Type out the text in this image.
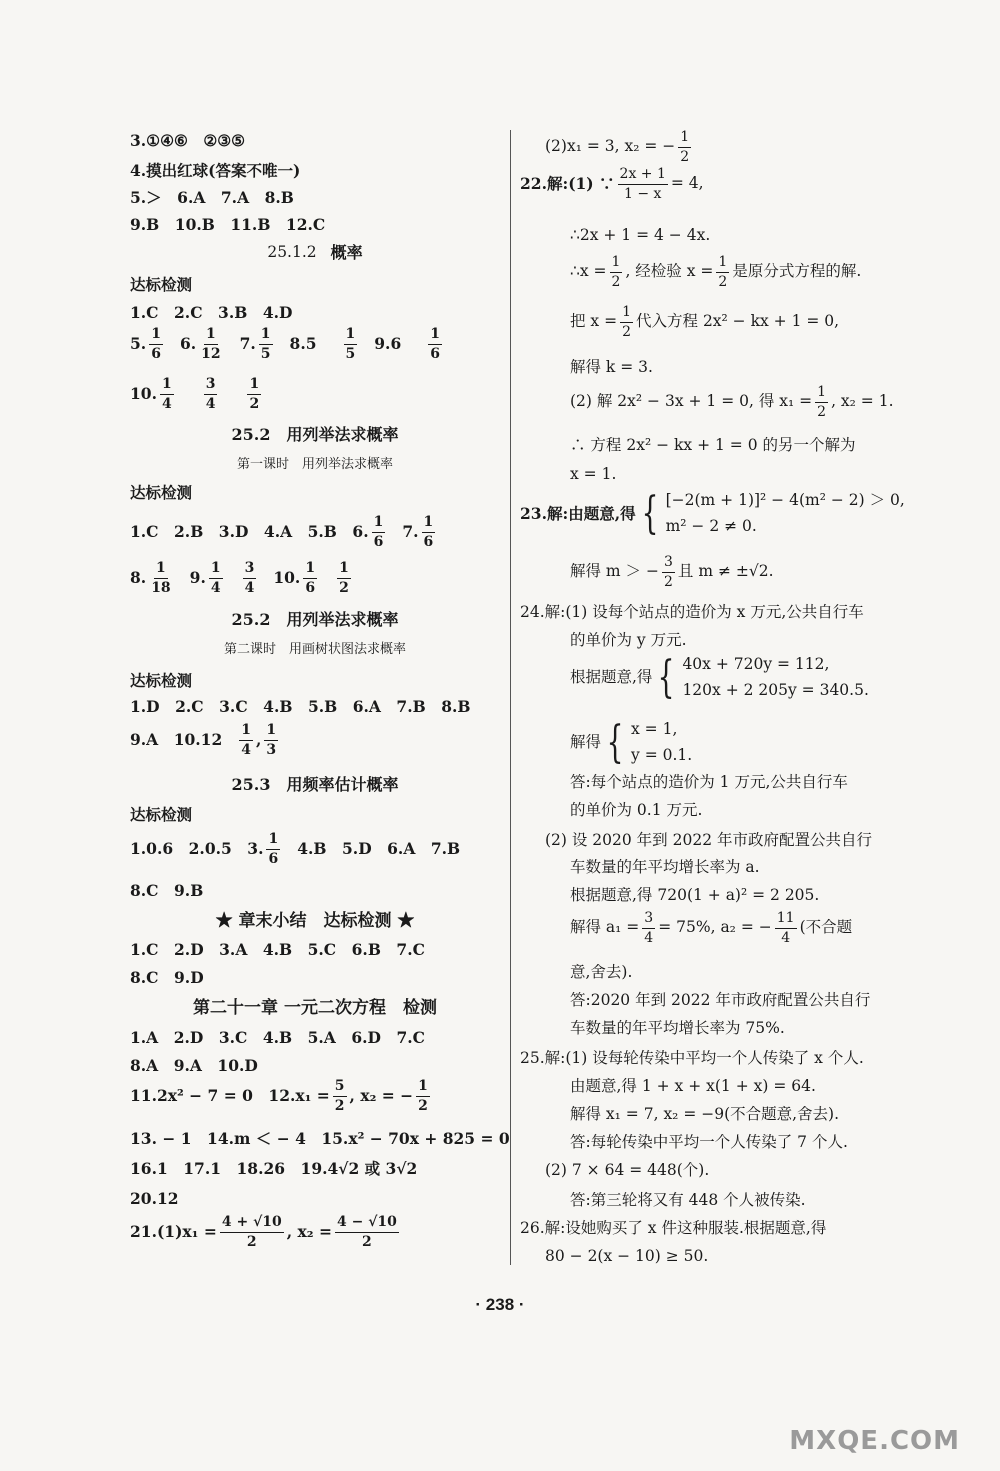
3.①④⑥　②③⑤
4.摸出红球(答案不唯一)
5.＞　6.A　7.A　8.B
9.B　10.B　11.B　12.C
25.1.2 概率
达标检测
1.C　2.C　3.B　4.D
5. $\frac{1}{6} 6$. $\frac{1}{12} 7$. $\frac{1}{5} 8.5 \frac{1}{5} 9.6 \frac{1}{6}$
10. $\frac{1}{4} \frac{3}{4} \frac{1}{2}$
25.2　用列举法求概率
第一课时　用列举法求概率
达标检测
1.C　2.B　3.D　4.A　5.B　6. $\frac{1}{6} 7$. $\frac{1}{6}$
8. $\frac{1}{18} 9$. $\frac{1}{4} \frac{3}{4} 10$. $\frac{1}{6} \frac{1}{2}$
25.2　用列举法求概率
第二课时　用画树状图法求概率
达标检测
1.D　2.C　3.C　4.B　5.B　6.A　7.B　8.B
9.A　$10.12 \frac{1}{4}$ , $\frac{1}{3}$
25.3　用频率估计概率
达标检测
1.0.6　2.0.5　3. $\frac{1}{6} 4.B$　5.D　6.A　7.B
8.C　9.B
★ 章末小结　达标检测 ★
1.C　2.D　3.A　4.B　5.C　6.B　7.C
8.C　9.D
第二十一章 一元二次方程　检测
1.A　2.D　3.C　4.B　5.A　6.D　7.C
8.A　9.A　10.D
11.2x² − 7 = 0　$12.x_1 = \frac{5}{2}$ , x₂ = − $\frac{1}{2}$
13. − 1　14.m ＜ − 4　15.x² − 70x + 825 = 0
16.1　17.1　18.26　19.4√2 或 3√2
20.12
$21.(1)x_1 = \frac{4 + √10}{2}$ , $x_2 = \frac{4 - √10}{2}$
(2)x₁ = 3, x₂ = − $\frac{1}{2}$
22.解:(1) ∵ $\frac{2x + 1}{1 - x} = 4$,
∴2x + 1 = 4 − 4x.
∴x = $\frac{1}{2}$ , 经检验 $x = \frac{1}{2}$ 是原分式方程的解.
把 $x = \frac{1}{2}$ 代入方程 2x² − kx + 1 = 0,
解得 k = 3.
(2) 解 2x² − 3x + 1 = 0, 得 $x_1 = \frac{1}{2}$ , x₂ = 1.
∴ 方程 2x² − kx + 1 = 0 的另一个解为
x = 1.
23.解:由题意,得 { [−2(m + 1)]² − 4(m² − 2) ＞ 0,
m² − 2 ≠ 0.
解得 m ＞ − $\frac{3}{2}$ 且 m ≠ ±√2.
24.解:(1) 设每个站点的造价为 x 万元,公共自行车
的单价为 y 万元.
根据题意,得 { 40x + 720y = 112,
120x + 2 205y = 340.5.
解得 { x = 1,
y = 0.1.
答:每个站点的造价为 1 万元,公共自行车
的单价为 0.1 万元.
(2) 设 2020 年到 2022 年市政府配置公共自行
车数量的年平均增长率为 a.
根据题意,得 720(1 + a)² = 2 205.
解得 $a_1 = \frac{3}{4} = 75\%$, a₂ = − $\frac{11}{4}$ (不合题
意,舍去).
答:2020 年到 2022 年市政府配置公共自行
车数量的年平均增长率为 75%.
25.解:(1) 设每轮传染中平均一个人传染了 x 个人.
由题意,得 1 + x + x(1 + x) = 64.
解得 x₁ = 7, x₂ = −9(不合题意,舍去).
答:每轮传染中平均一个人传染了 7 个人.
(2) 7 × 64 = 448(个).
答:第三轮将又有 448 个人被传染.
26.解:设她购买了 x 件这种服装.根据题意,得
80 − 2(x − 10) ≥ 50.
· 238 ·
MXQE.COM
